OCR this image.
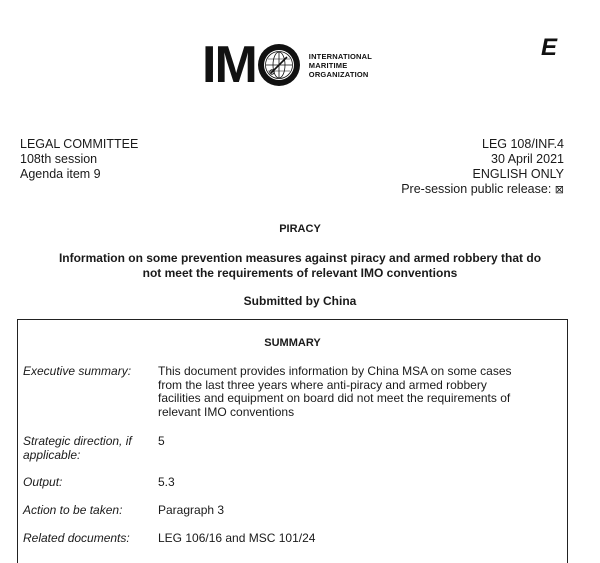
I M	INTERNATIONAL
MARITIME
ORGANIZATION
E
LEGAL COMMITTEE
108th session
Agenda item 9
LEG 108/INF.4
30 April 2021
ENGLISH ONLY
Pre-session public release: ⊠
PIRACY
Information on some prevention measures against piracy and armed robbery that do
not meet the requirements of relevant IMO conventions
Submitted by China
SUMMARY
Executive summary:	This document provides information by China MSA on some cases
from the last three years where anti-piracy and armed robbery
facilities and equipment on board did not meet the requirements of
relevant IMO conventions
Strategic direction, if
applicable:
5
Output:	5.3
Action to be taken:	Paragraph 3
Related documents:	LEG 106/16 and MSC 101/24
